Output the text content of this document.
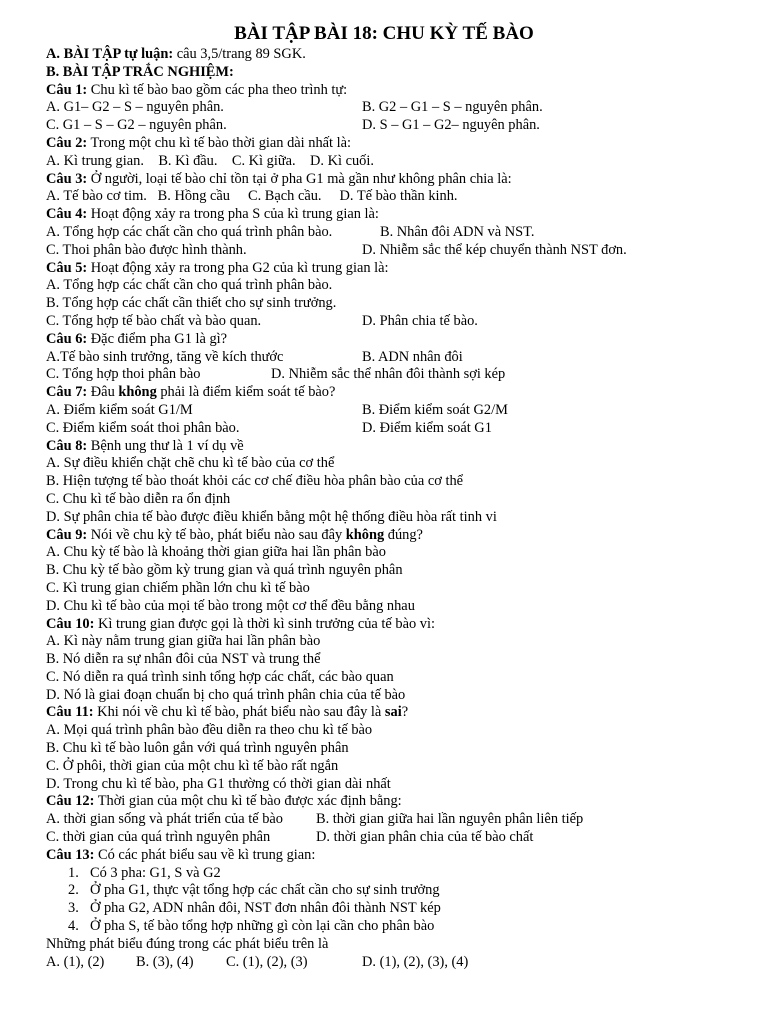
BÀI TẬP BÀI 18: CHU KỲ TẾ BÀO
A. BÀI TẬP tự luận: câu 3,5/trang 89 SGK.
B. BÀI TẬP TRẮC NGHIỆM:
Câu 1: Chu kì tế bào bao gồm các pha theo trình tự:
A. G1– G2 – S – nguyên phân.	B. G2 – G1 – S – nguyên phân.
C. G1 – S – G2 – nguyên phân.	D. S – G1 – G2– nguyên phân.
Câu 2: Trong một chu kì tế bào thời gian dài nhất là:
A. Kì trung gian.    B. Kì đầu.    C. Kì giữa.    D. Kì cuối.
Câu 3: Ở người, loại tế bào chỉ tồn tại ở pha G1 mà gần như không phân chia là:
A. Tế bào cơ tim.   B. Hồng cầu     C. Bạch cầu.     D. Tế bào thần kinh.
Câu 4: Hoạt động xảy ra trong pha S của kì trung gian là:
A. Tổng hợp các chất cần cho quá trình phân bào.	B. Nhân đôi ADN và NST.
C. Thoi phân bào được hình thành.	D. Nhiễm sắc thể kép chuyển thành NST đơn.
Câu 5: Hoạt động xảy ra trong pha G2 của kì trung gian là:
A. Tổng hợp các chất cần cho quá trình phân bào.
B. Tổng hợp các chất cần thiết cho sự sinh trưởng.
C. Tổng hợp tế bào chất và bào quan.	D. Phân chia tế bào.
Câu 6: Đặc điểm pha G1 là gì?
A.Tế bào sinh trưởng, tăng về kích thước	B. ADN nhân đôi
C. Tổng hợp thoi phân bào	D. Nhiễm sắc thể nhân đôi thành sợi kép
Câu 7: Đâu không phải là điểm kiểm soát tế bào?
A. Điểm kiểm soát G1/M	B. Điểm kiểm soát G2/M
C. Điểm kiểm soát thoi phân bào.	D. Điểm kiểm soát G1
Câu 8: Bệnh ung thư là 1 ví dụ về
A. Sự điều khiển chặt chẽ chu kì tế bào của cơ thể
B. Hiện tượng tế bào thoát khỏi các cơ chế điều hòa phân bào của cơ thể
C. Chu kì tế bào diễn ra ổn định
D. Sự phân chia tế bào được điều khiển bằng một hệ thống điều hòa rất tinh vi
Câu 9: Nói về chu kỳ tế bào, phát biểu nào sau đây không đúng?
A. Chu kỳ tế bào là khoảng thời gian giữa hai lần phân bào
B. Chu kỳ tế bào gồm kỳ trung gian và quá trình nguyên phân
C. Kì trung gian chiếm phần lớn chu kì tế bào
D. Chu kì tế bào của mọi tế bào trong một cơ thể đều bằng nhau
Câu 10: Kì trung gian được gọi là thời kì sinh trưởng của tế bào vì:
A. Kì này nằm trung gian giữa hai lần phân bào
B. Nó diễn ra sự nhân đôi của NST và trung thể
C. Nó diễn ra quá trình sinh tổng hợp các chất, các bào quan
D. Nó là giai đoạn chuẩn bị cho quá trình phân chia của tế bào
Câu 11: Khi nói về chu kì tế bào, phát biểu nào sau đây là sai?
A. Mọi quá trình phân bào đều diễn ra theo chu kì tế bào
B. Chu kì tế bào luôn gắn với quá trình nguyên phân
C. Ở phôi, thời gian của một chu kì tế bào rất ngắn
D. Trong chu kì tế bào, pha G1 thường có thời gian dài nhất
Câu 12: Thời gian của một chu kì tế bào được xác định bằng:
A. thời gian sống và phát triển của tế bào B. thời gian giữa hai lần nguyên phân liên tiếp
C. thời gian của quá trình nguyên phân	D. thời gian phân chia của tế bào chất
Câu 13: Có các phát biểu sau về kì trung gian:
1. Có 3 pha: G1, S và G2
2. Ở pha G1, thực vật tổng hợp các chất cần cho sự sinh trưởng
3. Ở pha G2, ADN nhân đôi, NST đơn nhân đôi thành NST kép
4. Ở pha S, tế bào tổng hợp những gì còn lại cần cho phân bào
Những phát biểu đúng trong các phát biểu trên là
A. (1), (2) B. (3), (4) C. (1), (2), (3)	D. (1), (2), (3), (4)
